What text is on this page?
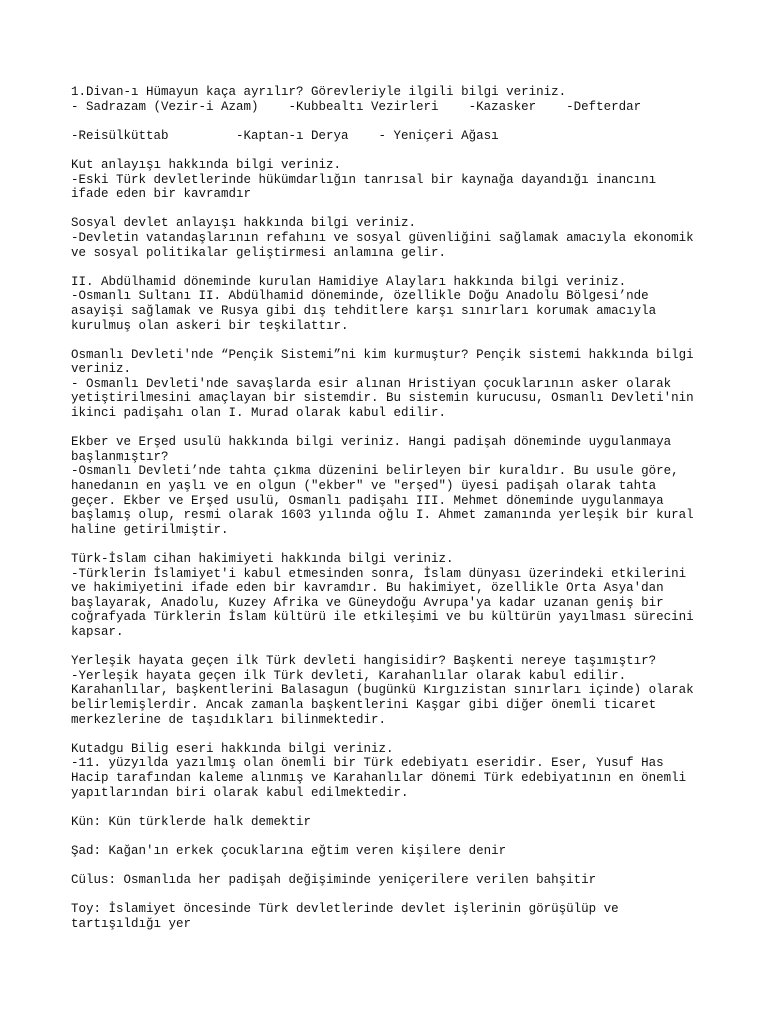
1.Divan-ı Hümayun kaça ayrılır? Görevleriyle ilgili bilgi veriniz.
- Sadrazam (Vezir-i Azam)    -Kubbealtı Vezirleri    -Kazasker    -Defterdar
-Reisülküttab         -Kaptan-ı Derya    - Yeniçeri Ağası
Kut anlayışı hakkında bilgi veriniz.
-Eski Türk devletlerinde hükümdarlığın tanrısal bir kaynağa dayandığı inancını
ifade eden bir kavramdır
Sosyal devlet anlayışı hakkında bilgi veriniz.
-Devletin vatandaşlarının refahını ve sosyal güvenliğini sağlamak amacıyla ekonomik
ve sosyal politikalar geliştirmesi anlamına gelir.
II. Abdülhamid döneminde kurulan Hamidiye Alayları hakkında bilgi veriniz.
-Osmanlı Sultanı II. Abdülhamid döneminde, özellikle Doğu Anadolu Bölgesi’nde
asayişi sağlamak ve Rusya gibi dış tehditlere karşı sınırları korumak amacıyla
kurulmuş olan askeri bir teşkilattır.
Osmanlı Devleti'nde “Pençik Sistemi”ni kim kurmuştur? Pençik sistemi hakkında bilgi
veriniz.
- Osmanlı Devleti'nde savaşlarda esir alınan Hristiyan çocuklarının asker olarak
yetiştirilmesini amaçlayan bir sistemdir. Bu sistemin kurucusu, Osmanlı Devleti'nin
ikinci padişahı olan I. Murad olarak kabul edilir.
Ekber ve Erşed usulü hakkında bilgi veriniz. Hangi padişah döneminde uygulanmaya
başlanmıştır?
-Osmanlı Devleti’nde tahta çıkma düzenini belirleyen bir kuraldır. Bu usule göre,
hanedanın en yaşlı ve en olgun ("ekber" ve "erşed") üyesi padişah olarak tahta
geçer. Ekber ve Erşed usulü, Osmanlı padişahı III. Mehmet döneminde uygulanmaya
başlamış olup, resmi olarak 1603 yılında oğlu I. Ahmet zamanında yerleşik bir kural
haline getirilmiştir.
Türk-İslam cihan hakimiyeti hakkında bilgi veriniz.
-Türklerin İslamiyet'i kabul etmesinden sonra, İslam dünyası üzerindeki etkilerini
ve hakimiyetini ifade eden bir kavramdır. Bu hakimiyet, özellikle Orta Asya'dan
başlayarak, Anadolu, Kuzey Afrika ve Güneydoğu Avrupa'ya kadar uzanan geniş bir
coğrafyada Türklerin İslam kültürü ile etkileşimi ve bu kültürün yayılması sürecini
kapsar.
Yerleşik hayata geçen ilk Türk devleti hangisidir? Başkenti nereye taşımıştır?
-Yerleşik hayata geçen ilk Türk devleti, Karahanlılar olarak kabul edilir.
Karahanlılar, başkentlerini Balasagun (bugünkü Kırgızistan sınırları içinde) olarak
belirlemişlerdir. Ancak zamanla başkentlerini Kaşgar gibi diğer önemli ticaret
merkezlerine de taşıdıkları bilinmektedir.
Kutadgu Bilig eseri hakkında bilgi veriniz.
-11. yüzyılda yazılmış olan önemli bir Türk edebiyatı eseridir. Eser, Yusuf Has
Hacip tarafından kaleme alınmış ve Karahanlılar dönemi Türk edebiyatının en önemli
yapıtlarından biri olarak kabul edilmektedir.
Kün: Kün türklerde halk demektir
Şad: Kağan'ın erkek çocuklarına eğtim veren kişilere denir
Cülus: Osmanlıda her padişah değişiminde yeniçerilere verilen bahşitir
Toy: İslamiyet öncesinde Türk devletlerinde devlet işlerinin görüşülüp ve
tartışıldığı yer
